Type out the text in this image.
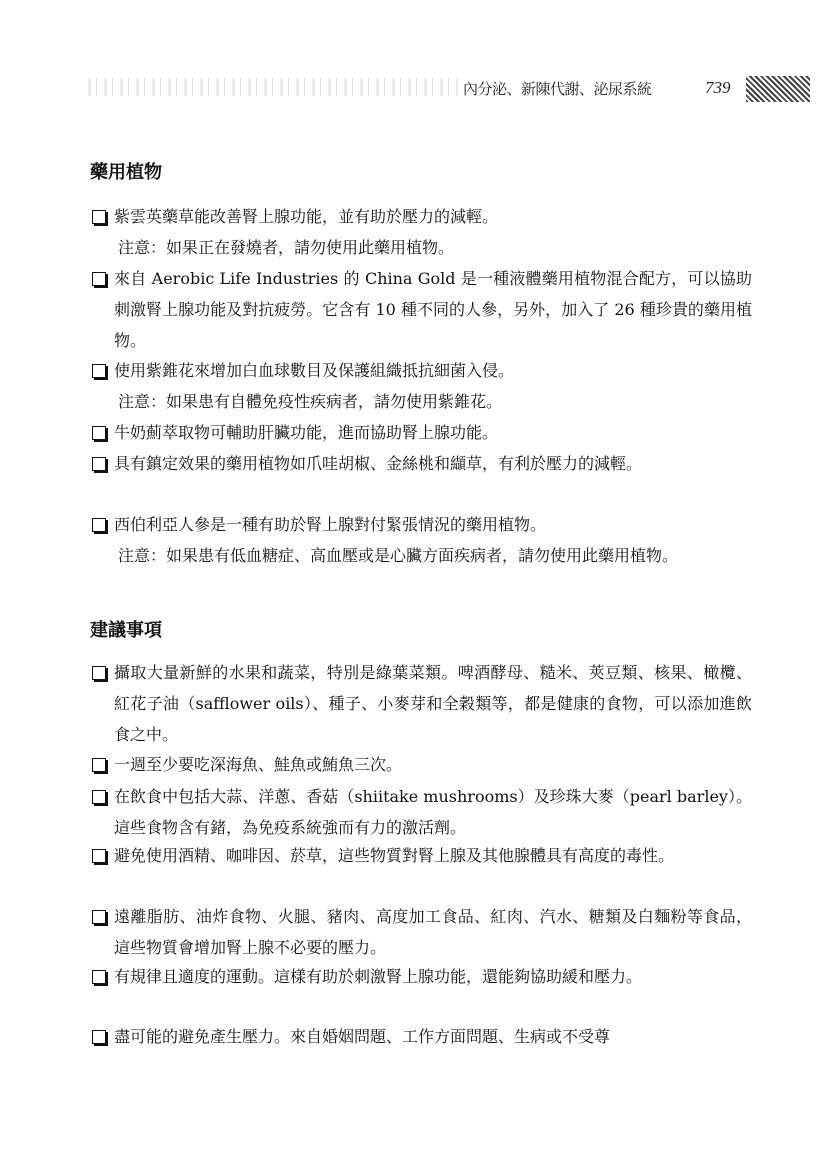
內分泌、新陳代謝、泌尿系統	739
藥用植物
紫雲英藥草能改善腎上腺功能，並有助於壓力的減輕。
注意：如果正在發燒者，請勿使用此藥用植物。
來自 Aerobic Life Industries 的 China Gold 是一種液體藥用植物混合配方，可以協助刺激腎上腺功能及對抗疲勞。它含有 10 種不同的人參，另外，加入了 26 種珍貴的藥用植物。
使用紫錐花來增加白血球數目及保護組織抵抗細菌入侵。
注意：如果患有自體免疫性疾病者，請勿使用紫錐花。
牛奶薊萃取物可輔助肝臟功能，進而協助腎上腺功能。
具有鎮定效果的藥用植物如爪哇胡椒、金絲桃和纈草，有利於壓力的減輕。
西伯利亞人參是一種有助於腎上腺對付緊張情況的藥用植物。
注意：如果患有低血糖症、高血壓或是心臟方面疾病者，請勿使用此藥用植物。
建議事項
攝取大量新鮮的水果和蔬菜，特別是綠葉菜類。啤酒酵母、糙米、莢豆類、核果、橄欖、紅花子油（safflower oils）、種子、小麥芽和全穀類等，都是健康的食物，可以添加進飲食之中。
一週至少要吃深海魚、鮭魚或鮪魚三次。
在飲食中包括大蒜、洋蔥、香菇（shiitake mushrooms）及珍珠大麥（pearl barley）。這些食物含有鍺，為免疫系統強而有力的激活劑。
避免使用酒精、咖啡因、菸草，這些物質對腎上腺及其他腺體具有高度的毒性。
遠離脂肪、油炸食物、火腿、豬肉、高度加工食品、紅肉、汽水、糖類及白麵粉等食品，這些物質會增加腎上腺不必要的壓力。
有規律且適度的運動。這樣有助於刺激腎上腺功能，還能夠協助緩和壓力。
盡可能的避免產生壓力。來自婚姻問題、工作方面問題、生病或不受尊
